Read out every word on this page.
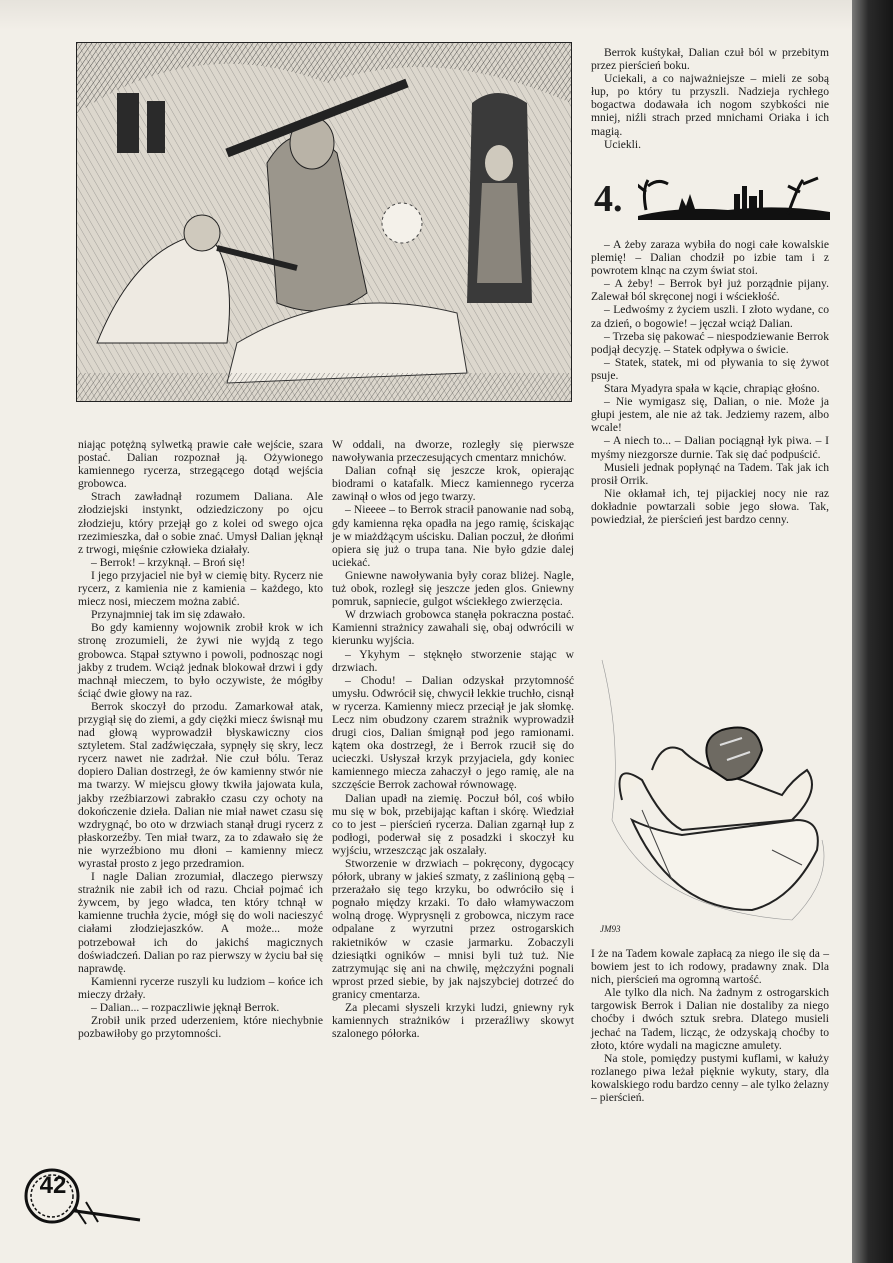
niając potężną sylwetką prawie całe wejście, szara postać. Dalian rozpoznał ją. Ożywionego kamiennego rycerza, strzegącego dotąd wejścia grobowca.

Strach zawładnął rozumem Daliana. Ale złodziejski instynkt, odziedziczony po ojcu złodzieju, który przejął go z kolei od swego ojca rzezimieszka, dał o sobie znać. Umysł Dalian jęknął z trwogi, mięśnie człowieka działały.

– Berrok! – krzyknął. – Broń się!

I jego przyjaciel nie był w ciemię bity. Rycerz nie rycerz, z kamienia nie z kamienia – każdego, kto miecz nosi, mieczem można zabić.

Przynajmniej tak im się zdawało.

Bo gdy kamienny wojownik zrobił krok w ich stronę zrozumieli, że żywi nie wyjdą z tego grobowca. Stąpał sztywno i powoli, podnosząc nogi jakby z trudem. Wciąż jednak blokował drzwi i gdy machnął mieczem, to było oczywiste, że mógłby ściąć dwie głowy na raz.

Berrok skoczył do przodu. Zamarkował atak, przygiął się do ziemi, a gdy ciężki miecz świsnął mu nad głową wyprowadził błyskawiczny cios sztyletem. Stal zadźwięczała, sypnęły się skry, lecz rycerz nawet nie zadrżał. Nie czuł bólu. Teraz dopiero Dalian dostrzegł, że ów kamienny stwór nie ma twarzy. W miejscu głowy tkwiła jajowata kula, jakby rzeźbiarzowi zabrakło czasu czy ochoty na dokończenie dzieła. Dalian nie miał nawet czasu się wzdrygnąć, bo oto w drzwiach stanął drugi rycerz z płaskorzeźby. Ten miał twarz, za to zdawało się że nie wyrzeźbiono mu dłoni – kamienny miecz wyrastał prosto z jego przedramion.

I nagle Dalian zrozumiał, dlaczego pierwszy strażnik nie zabił ich od razu. Chciał pojmać ich żywcem, by jego władca, ten który tchnął w kamienne truchła życie, mógł się do woli nacieszyć ciałami złodziejaszków. A może... może potrzebował ich do jakichś magicznych doświadczeń. Dalian po raz pierwszy w życiu bał się naprawdę.

Kamienni rycerze ruszyli ku ludziom – końce ich mieczy drżały.

– Dalian... – rozpaczliwie jęknął Berrok.

Zrobił unik przed uderzeniem, które niechybnie pozbawiłoby go przytomności.

W oddali, na dworze, rozległy się pierwsze nawoływania przeczesujących cmentarz mnichów.

Dalian cofnął się jeszcze krok, opierając biodrami o katafalk. Miecz kamiennego rycerza zawinął o włos od jego twarzy.

– Nieeee – to Berrok stracił panowanie nad sobą, gdy kamienna ręka opadła na jego ramię, ściskając je w miażdżącym uścisku. Dalian poczuł, że dłońmi opiera się już o trupa tana. Nie było gdzie dalej uciekać.

Gniewne nawoływania były coraz bliżej. Nagle, tuż obok, rozległ się jeszcze jeden glos. Gniewny pomruk, sapniecie, gulgot wściekłego zwierzęcia.

W drzwiach grobowca stanęła pokraczna postać. Kamienni strażnicy zawahali się, obaj odwrócili w kierunku wyjścia.

– Ykyhym – stęknęło stworzenie stając w drzwiach.

– Chodu! – Dalian odzyskał przytomność umysłu. Odwrócił się, chwycił lekkie truchło, cisnął w rycerza. Kamienny miecz przeciął je jak słomkę. Lecz nim obudzony czarem strażnik wyprowadził drugi cios, Dalian śmignął pod jego ramionami. kątem oka dostrzegł, że i Berrok rzucił się do ucieczki. Usłyszał krzyk przyjaciela, gdy koniec kamiennego miecza zahaczył o jego ramię, ale na szczęście Berrok zachował równowagę.

Dalian upadł na ziemię. Poczuł ból, coś wbiło mu się w bok, przebijając kaftan i skórę. Wiedział co to jest – pierścień rycerza. Dalian zgarnął łup z podłogi, poderwał się z posadzki i skoczył ku wyjściu, wrzeszcząc jak oszalały.

Stworzenie w drzwiach – pokręcony, dygocący półork, ubrany w jakieś szmaty, z zaślinioną gębą – przerażało się tego krzyku, bo odwróciło się i pognało między krzaki. To dało włamywaczom wolną drogę. Wyprysnęli z grobowca, niczym race odpalane z wyrzutni przez ostrogarskich rakietników w czasie jarmarku. Zobaczyli dziesiątki ogników – mnisi byli tuż tuż. Nie zatrzymując się ani na chwilę, mężczyźni pognali wprost przed siebie, by jak najszybciej dotrzeć do granicy cmentarza.

Za plecami słyszeli krzyki ludzi, gniewny ryk kamiennych strażników i przeraźliwy skowyt szalonego półorka.

Berrok kuśtykał, Dalian czuł ból w przebitym przez pierścień boku.

Uciekali, a co najważniejsze – mieli ze sobą łup, po który tu przyszli. Nadzieja rychłego bogactwa dodawała ich nogom szybkości nie mniej, niźli strach przed mnichami Oriaka i ich magią.

Uciekli.

4.

– A żeby zaraza wybiła do nogi całe kowalskie plemię! – Dalian chodził po izbie tam i z powrotem klnąc na czym świat stoi.

– A żeby! – Berrok był już porządnie pijany. Zalewał ból skręconej nogi i wściekłość.

– Ledwośmy z życiem uszli. I złoto wydane, co za dzień, o bogowie! – jęczał wciąż Dalian.

– Trzeba się pakować – niespodziewanie Berrok podjął decyzję. – Statek odpływa o świcie.

– Statek, statek, mi od pływania to się żywot psuje.

Stara Myadyra spała w kącie, chrapiąc głośno.

– Nie wymigasz się, Dalian, o nie. Może ja głupi jestem, ale nie aż tak. Jedziemy razem, albo wcale!

– A niech to... – Dalian pociągnął łyk piwa. – I myśmy niezgorsze durnie. Tak się dać podpuścić.

Musieli jednak popłynąć na Tadem. Tak jak ich prosił Orrik.

Nie okłamał ich, tej pijackiej nocy nie raz dokładnie powtarzali sobie jego słowa. Tak, powiedział, że pierścień jest bardzo cenny.

JM93

I że na Tadem kowale zapłacą za niego ile się da – bowiem jest to ich rodowy, pradawny znak. Dla nich, pierścień ma ogromną wartość.

Ale tylko dla nich. Na żadnym z ostrogarskich targowisk Berrok i Dalian nie dostaliby za niego choćby i dwóch sztuk srebra. Dlatego musieli jechać na Tadem, licząc, że odzyskają choćby to złoto, które wydali na magiczne amulety.

Na stole, pomiędzy pustymi kuflami, w kałuży rozlanego piwa leżał pięknie wykuty, stary, dla kowalskiego rodu bardzo cenny – ale tylko żelazny – pierścień.

42
